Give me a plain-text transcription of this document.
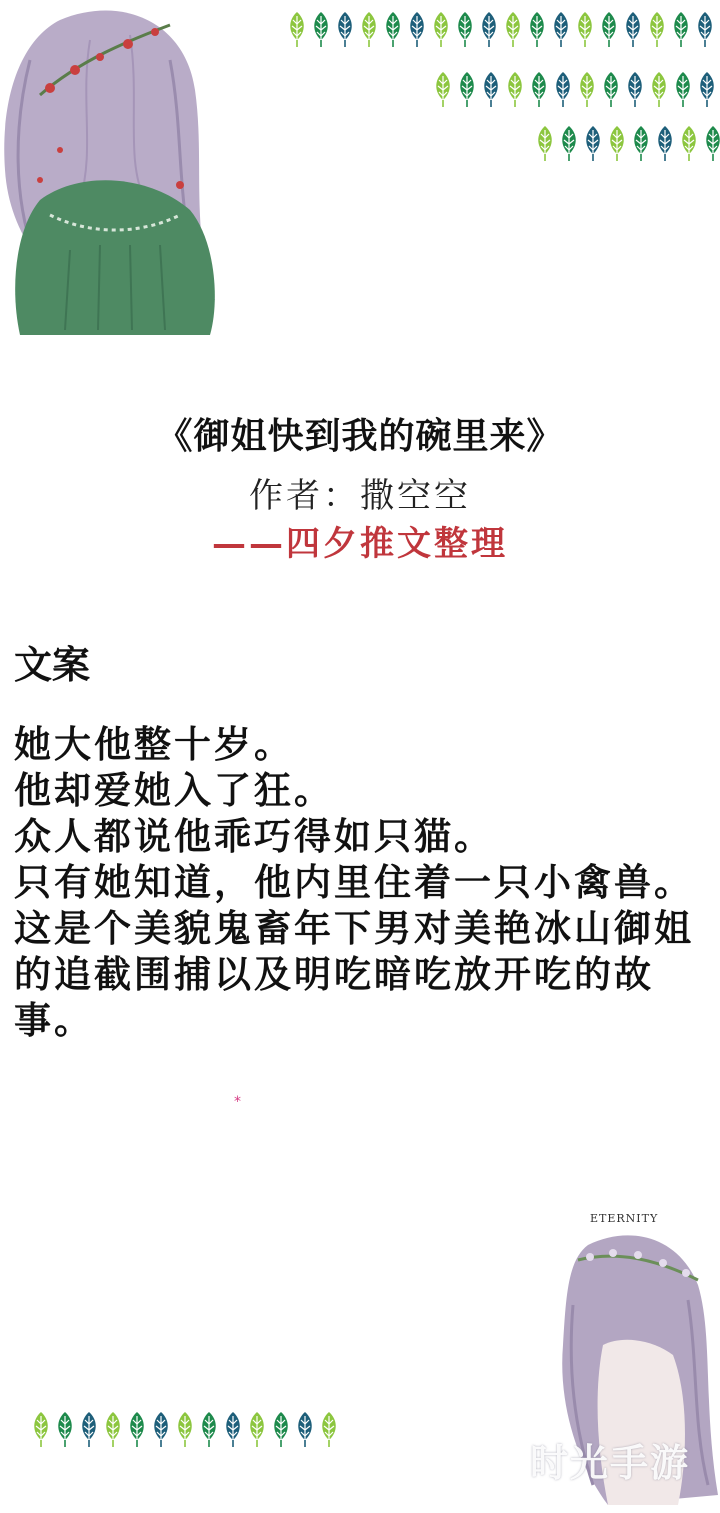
《御姐快到我的碗里来》
作者：撒空空
——四夕推文整理
文案

她大他整十岁。

他却爱她入了狂。

众人都说他乖巧得如只猫。

只有她知道，他内里住着一只小禽兽。

这是个美貌鬼畜年下男对美艳冰山御姐的追截围捕以及明吃暗吃放开吃的故事。

*
ETERNITY
时光手游
